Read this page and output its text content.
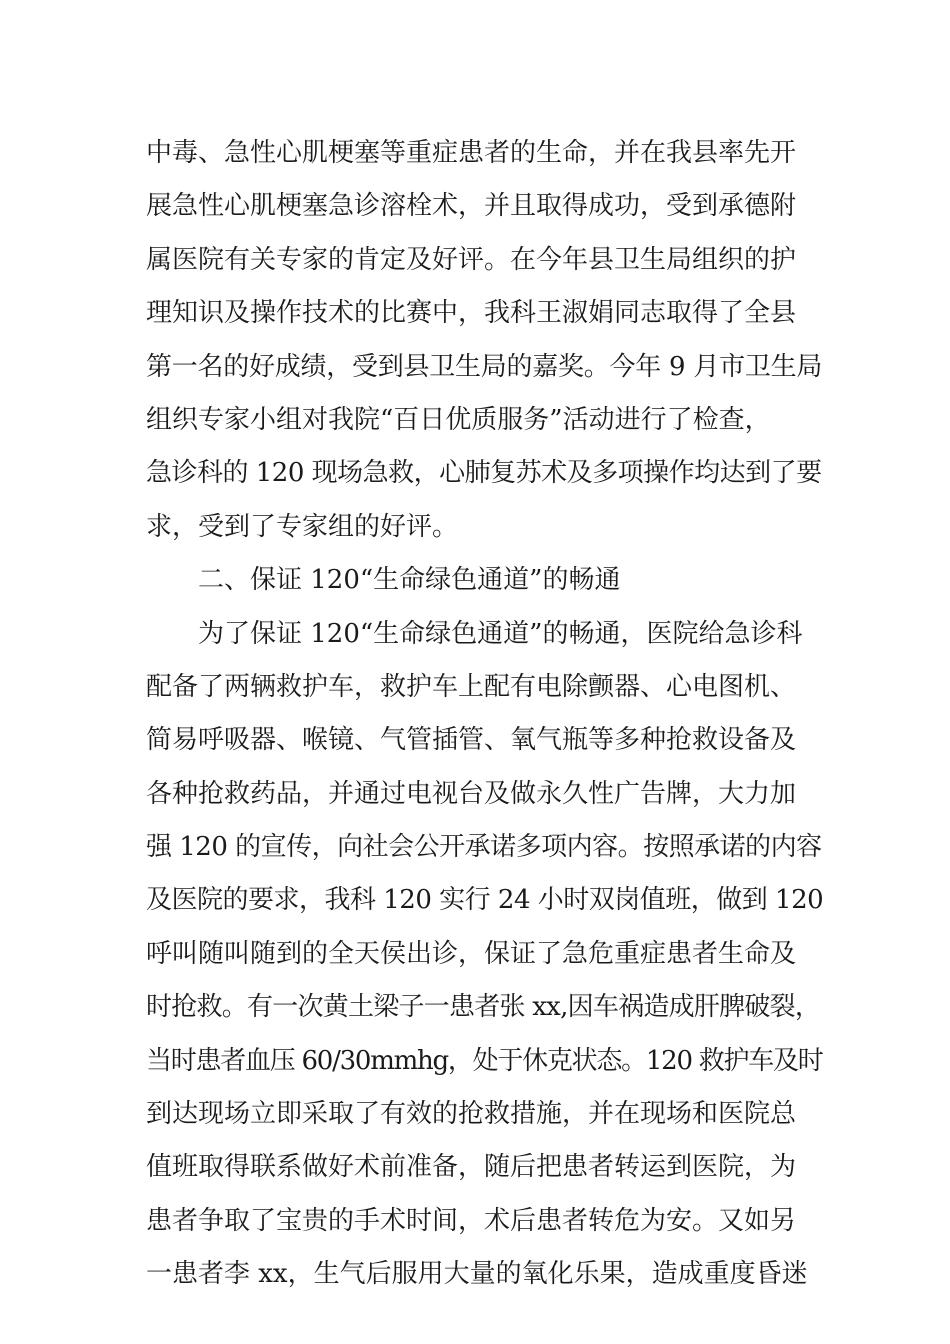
中毒、急性心肌梗塞等重症患者的生命，并在我县率先开

展急性心肌梗塞急诊溶栓术，并且取得成功，受到承德附

属医院有关专家的肯定及好评。在今年县卫生局组织的护

理知识及操作技术的比赛中，我科王淑娟同志取得了全县

第一名的好成绩，受到县卫生局的嘉奖。今年 9 月市卫生局

组织专家小组对我院“百日优质服务”活动进行了检查，

急诊科的 120 现场急救，心肺复苏术及多项操作均达到了要

求，受到了专家组的好评。

二、保证 120“生命绿色通道”的畅通

为了保证 120“生命绿色通道”的畅通，医院给急诊科

配备了两辆救护车，救护车上配有电除颤器、心电图机、

简易呼吸器、喉镜、气管插管、氧气瓶等多种抢救设备及

各种抢救药品，并通过电视台及做永久性广告牌，大力加

强 120 的宣传，向社会公开承诺多项内容。按照承诺的内容

及医院的要求，我科 120 实行 24 小时双岗值班，做到 120

呼叫随叫随到的全天侯出诊，保证了急危重症患者生命及

时抢救。有一次黄土梁子一患者张 xx,因车祸造成肝脾破裂，

当时患者血压 60/30mmhg，处于休克状态。120 救护车及时

到达现场立即采取了有效的抢救措施，并在现场和医院总

值班取得联系做好术前准备，随后把患者转运到医院，为

患者争取了宝贵的手术时间，术后患者转危为安。又如另

一患者李 xx，生气后服用大量的氧化乐果，造成重度昏迷
